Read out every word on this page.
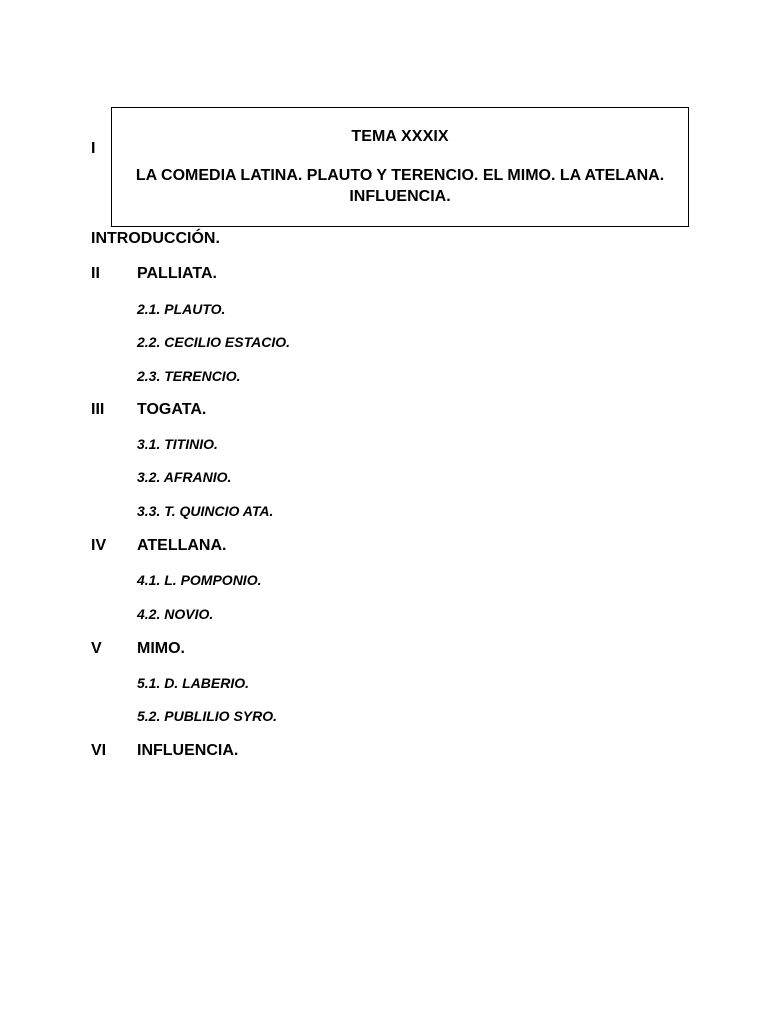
I
TEMA XXXIX
LA COMEDIA LATINA. PLAUTO Y TERENCIO. EL MIMO. LA ATELANA. INFLUENCIA.
INTRODUCCIÓN.
II PALLIATA.
2.1. PLAUTO.
2.2. CECILIO ESTACIO.
2.3. TERENCIO.
III TOGATA.
3.1. TITINIO.
3.2. AFRANIO.
3.3. T. QUINCIO ATA.
IV ATELLANA.
4.1. L. POMPONIO.
4.2. NOVIO.
V MIMO.
5.1. D. LABERIO.
5.2. PUBLILIO SYRO.
VI INFLUENCIA.
